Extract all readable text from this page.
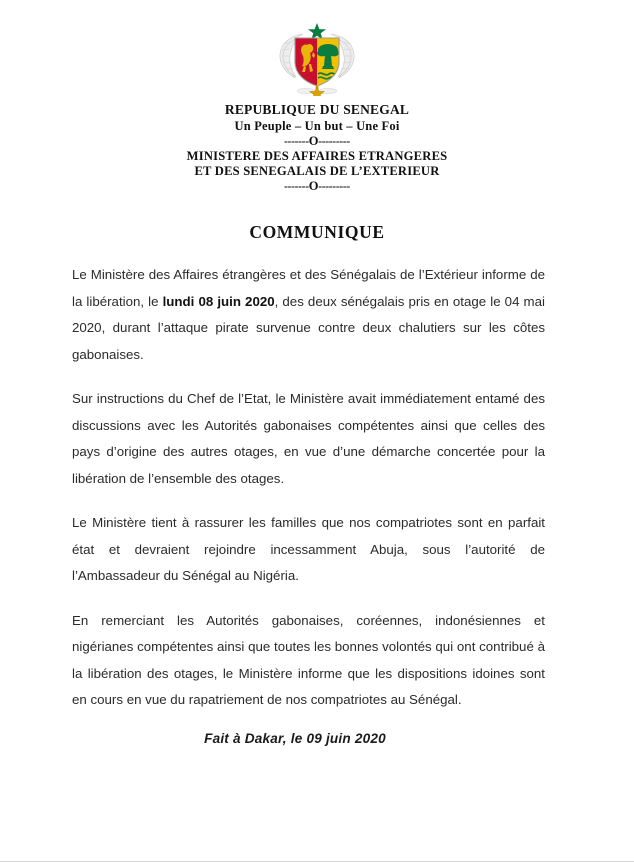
REPUBLIQUE DU SENEGAL
Un Peuple – Un but – Une Foi
-------O---------
MINISTERE DES AFFAIRES ETRANGERES
ET DES SENEGALAIS DE L’EXTERIEUR
-------O---------
COMMUNIQUE

Le Ministère des Affaires étrangères et des Sénégalais de l’Extérieur informe de la libération, le lundi 08 juin 2020, des deux sénégalais pris en otage le 04 mai 2020, durant l’attaque pirate survenue contre deux chalutiers sur les côtes gabonaises.

Sur instructions du Chef de l’Etat, le Ministère avait immédiatement entamé des discussions avec les Autorités gabonaises compétentes ainsi que celles des pays d’origine des autres otages, en vue d’une démarche concertée pour la libération de l’ensemble des otages.

Le Ministère tient à rassurer les familles que nos compatriotes sont en parfait état et devraient rejoindre incessamment Abuja, sous l’autorité de l’Ambassadeur du Sénégal au Nigéria.

En remerciant les Autorités gabonaises, coréennes, indonésiennes et nigérianes compétentes ainsi que toutes les bonnes volontés qui ont contribué à la libération des otages, le Ministère informe que les dispositions idoines sont en cours en vue du rapatriement de nos compatriotes au Sénégal.

Fait à Dakar, le 09 juin 2020
